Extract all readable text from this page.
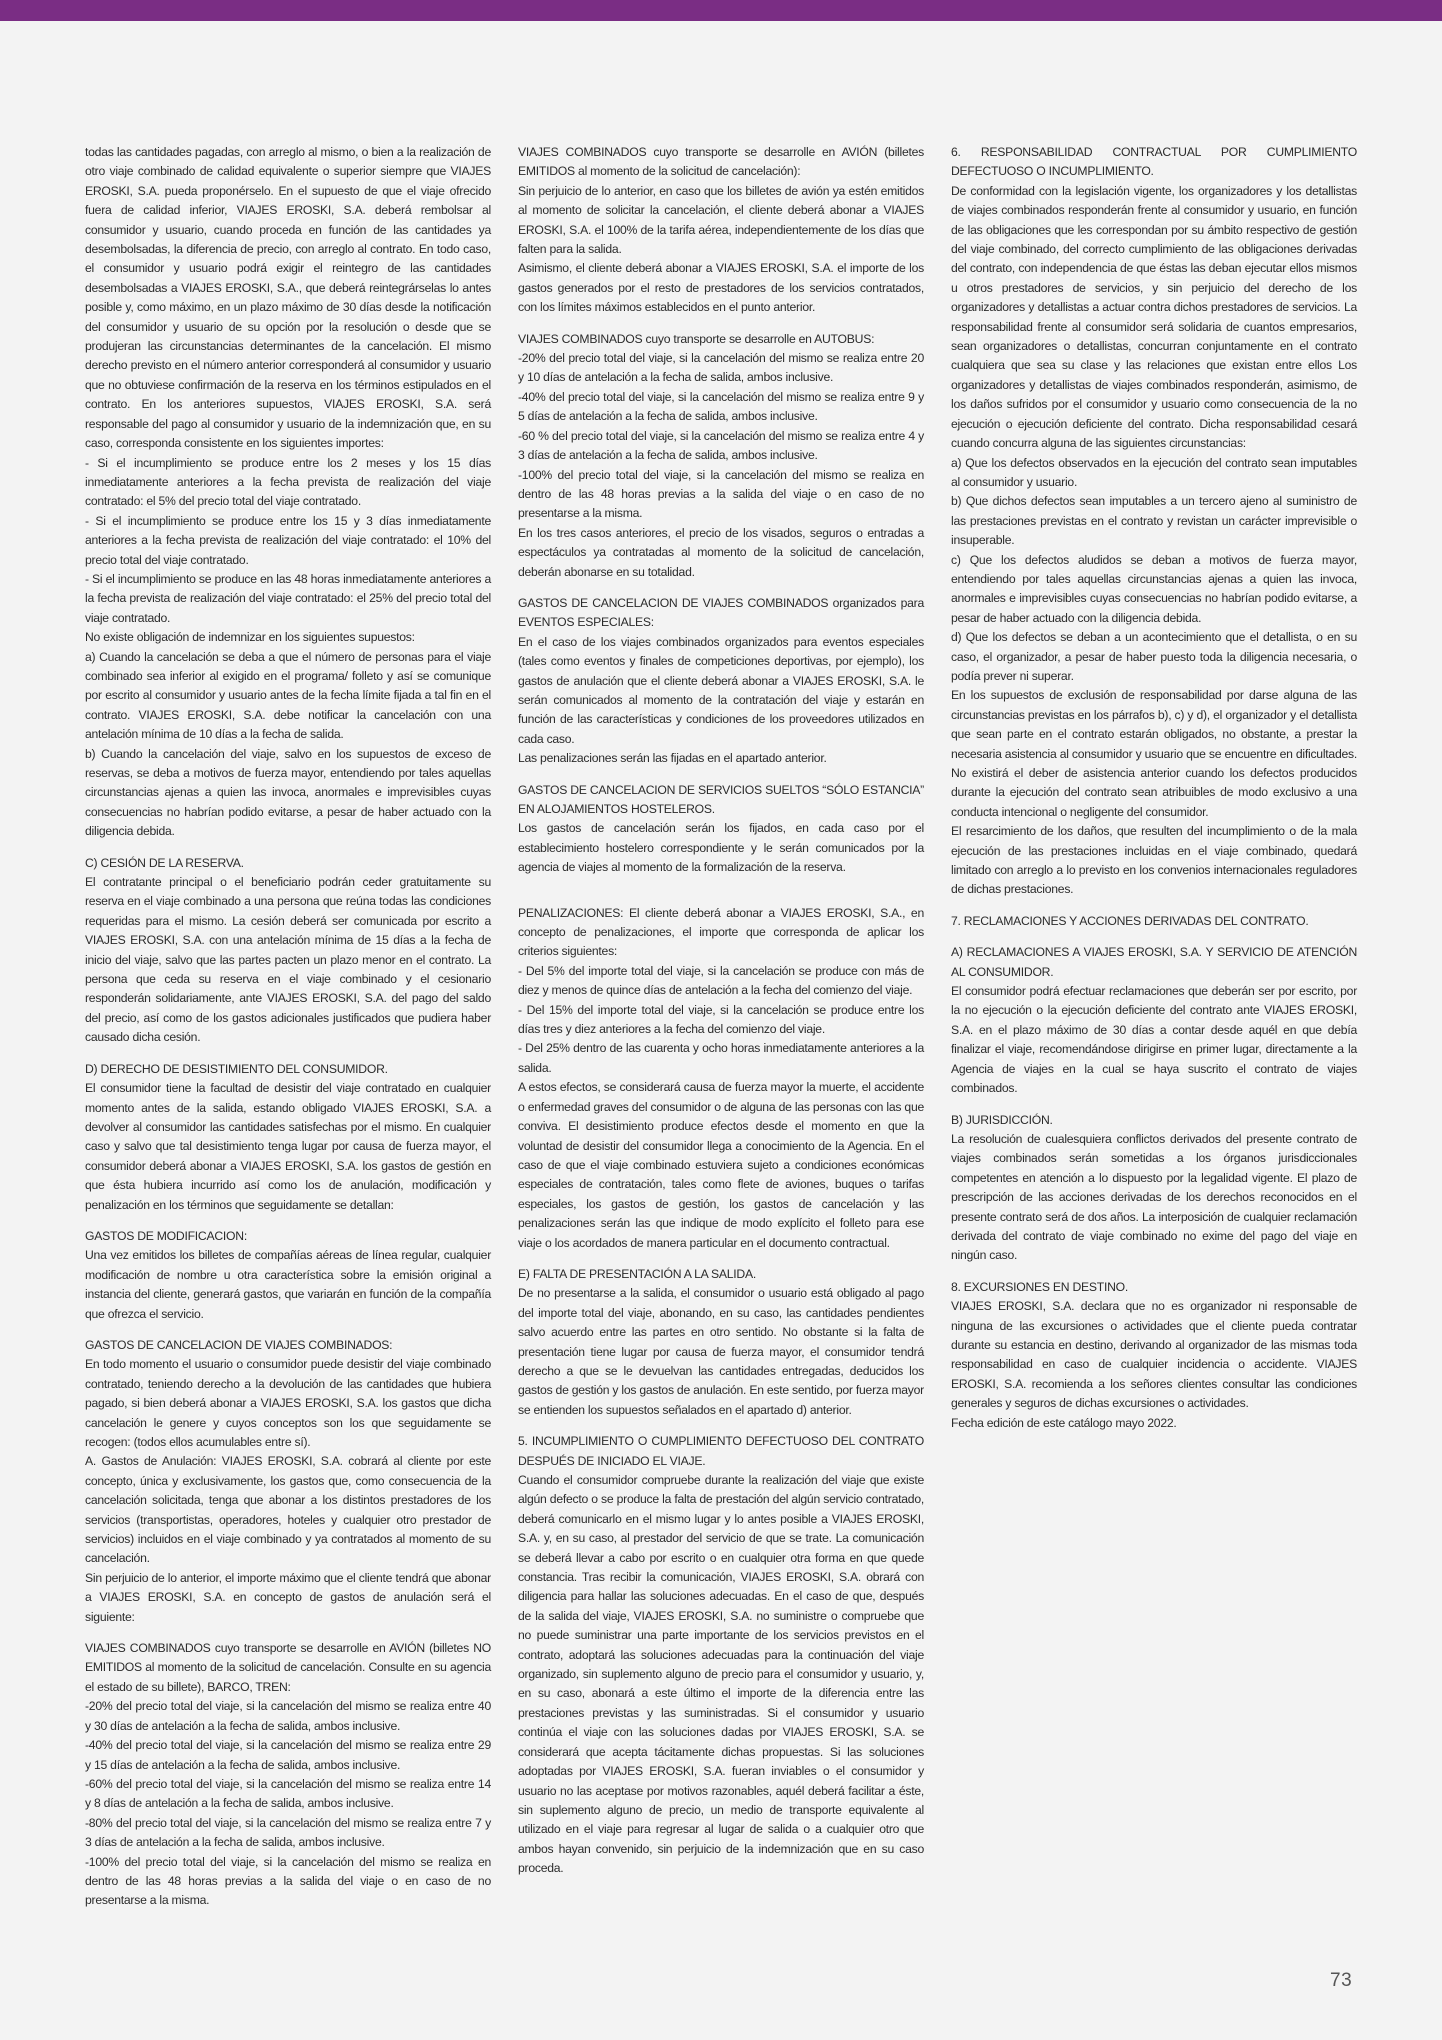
todas las cantidades pagadas, con arreglo al mismo, o bien a la realización de otro viaje combinado de calidad equivalente o superior siempre que VIAJES EROSKI, S.A. pueda proponérselo. En el supuesto de que el viaje ofrecido fuera de calidad inferior, VIAJES EROSKI, S.A. deberá rembolsar al consumidor y usuario, cuando proceda en función de las cantidades ya desembolsadas, la diferencia de precio, con arreglo al contrato. En todo caso, el consumidor y usuario podrá exigir el reintegro de las cantidades desembolsadas a VIAJES EROSKI, S.A., que deberá reintegrárselas lo antes posible y, como máximo, en un plazo máximo de 30 días desde la notificación del consumidor y usuario de su opción por la resolución o desde que se produjeran las circunstancias determinantes de la cancelación. El mismo derecho previsto en el número anterior corresponderá al consumidor y usuario que no obtuviese confirmación de la reserva en los términos estipulados en el contrato. En los anteriores supuestos, VIAJES EROSKI, S.A. será responsable del pago al consumidor y usuario de la indemnización que, en su caso, corresponda consistente en los siguientes importes:

- Si el incumplimiento se produce entre los 2 meses y los 15 días inmediatamente anteriores a la fecha prevista de realización del viaje contratado: el 5% del precio total del viaje contratado.

- Si el incumplimiento se produce entre los 15 y 3 días inmediatamente anteriores a la fecha prevista de realización del viaje contratado: el 10% del precio total del viaje contratado.

- Si el incumplimiento se produce en las 48 horas inmediatamente anteriores a la fecha prevista de realización del viaje contratado: el 25% del precio total del viaje contratado.

No existe obligación de indemnizar en los siguientes supuestos:

a) Cuando la cancelación se deba a que el número de personas para el viaje combinado sea inferior al exigido en el programa/ folleto y así se comunique por escrito al consumidor y usuario antes de la fecha límite fijada a tal fin en el contrato. VIAJES EROSKI, S.A. debe notificar la cancelación con una antelación mínima de 10 días a la fecha de salida.

b) Cuando la cancelación del viaje, salvo en los supuestos de exceso de reservas, se deba a motivos de fuerza mayor, entendiendo por tales aquellas circunstancias ajenas a quien las invoca, anormales e imprevisibles cuyas consecuencias no habrían podido evitarse, a pesar de haber actuado con la diligencia debida.

C) CESIÓN DE LA RESERVA.

El contratante principal o el beneficiario podrán ceder gratuitamente su reserva en el viaje combinado a una persona que reúna todas las condiciones requeridas para el mismo. La cesión deberá ser comunicada por escrito a VIAJES EROSKI, S.A. con una antelación mínima de 15 días a la fecha de inicio del viaje, salvo que las partes pacten un plazo menor en el contrato. La persona que ceda su reserva en el viaje combinado y el cesionario responderán solidariamente, ante VIAJES EROSKI, S.A. del pago del saldo del precio, así como de los gastos adicionales justificados que pudiera haber causado dicha cesión.

D) DERECHO DE DESISTIMIENTO DEL CONSUMIDOR.

El consumidor tiene la facultad de desistir del viaje contratado en cualquier momento antes de la salida, estando obligado VIAJES EROSKI, S.A. a devolver al consumidor las cantidades satisfechas por el mismo. En cualquier caso y salvo que tal desistimiento tenga lugar por causa de fuerza mayor, el consumidor deberá abonar a VIAJES EROSKI, S.A. los gastos de gestión en que ésta hubiera incurrido así como los de anulación, modificación y penalización en los términos que seguidamente se detallan:

GASTOS DE MODIFICACION:

Una vez emitidos los billetes de compañías aéreas de línea regular, cualquier modificación de nombre u otra característica sobre la emisión original a instancia del cliente, generará gastos, que variarán en función de la compañía que ofrezca el servicio.

GASTOS DE CANCELACION DE VIAJES COMBINADOS:

En todo momento el usuario o consumidor puede desistir del viaje combinado contratado, teniendo derecho a la devolución de las cantidades que hubiera pagado, si bien deberá abonar a VIAJES EROSKI, S.A. los gastos que dicha cancelación le genere y cuyos conceptos son los que seguidamente se recogen: (todos ellos acumulables entre sí).

A. Gastos de Anulación: VIAJES EROSKI, S.A. cobrará al cliente por este concepto, única y exclusivamente, los gastos que, como consecuencia de la cancelación solicitada, tenga que abonar a los distintos prestadores de los servicios (transportistas, operadores, hoteles y cualquier otro prestador de servicios) incluidos en el viaje combinado y ya contratados al momento de su cancelación.

Sin perjuicio de lo anterior, el importe máximo que el cliente tendrá que abonar a VIAJES EROSKI, S.A. en concepto de gastos de anulación será el siguiente:

VIAJES COMBINADOS cuyo transporte se desarrolle en AVIÓN (billetes NO EMITIDOS al momento de la solicitud de cancelación. Consulte en su agencia el estado de su billete), BARCO, TREN:

-20% del precio total del viaje, si la cancelación del mismo se realiza entre 40 y 30 días de antelación a la fecha de salida, ambos inclusive.

-40% del precio total del viaje, si la cancelación del mismo se realiza entre 29 y 15 días de antelación a la fecha de salida, ambos inclusive.

-60% del precio total del viaje, si la cancelación del mismo se realiza entre 14 y 8 días de antelación a la fecha de salida, ambos inclusive.

-80% del precio total del viaje, si la cancelación del mismo se realiza entre 7 y 3 días de antelación a la fecha de salida, ambos inclusive.

-100% del precio total del viaje, si la cancelación del mismo se realiza en dentro de las 48 horas previas a la salida del viaje o en caso de no presentarse a la misma.

VIAJES COMBINADOS cuyo transporte se desarrolle en AVIÓN (billetes EMITIDOS al momento de la solicitud de cancelación):

Sin perjuicio de lo anterior, en caso que los billetes de avión ya estén emitidos al momento de solicitar la cancelación, el cliente deberá abonar a VIAJES EROSKI, S.A. el 100% de la tarifa aérea, independientemente de los días que falten para la salida.

Asimismo, el cliente deberá abonar a VIAJES EROSKI, S.A. el importe de los gastos generados por el resto de prestadores de los servicios contratados, con los límites máximos establecidos en el punto anterior.

VIAJES COMBINADOS cuyo transporte se desarrolle en AUTOBUS:

-20% del precio total del viaje, si la cancelación del mismo se realiza entre 20 y 10 días de antelación a la fecha de salida, ambos inclusive.

-40% del precio total del viaje, si la cancelación del mismo se realiza entre 9 y 5 días de antelación a la fecha de salida, ambos inclusive.

-60 % del precio total del viaje, si la cancelación del mismo se realiza entre 4 y 3 días de antelación a la fecha de salida, ambos inclusive.

-100% del precio total del viaje, si la cancelación del mismo se realiza en dentro de las 48 horas previas a la salida del viaje o en caso de no presentarse a la misma.

En los tres casos anteriores, el precio de los visados, seguros o entradas a espectáculos ya contratadas al momento de la solicitud de cancelación, deberán abonarse en su totalidad.

GASTOS DE CANCELACION DE VIAJES COMBINADOS organizados para EVENTOS ESPECIALES:

En el caso de los viajes combinados organizados para eventos especiales (tales como eventos y finales de competiciones deportivas, por ejemplo), los gastos de anulación que el cliente deberá abonar a VIAJES EROSKI, S.A. le serán comunicados al momento de la contratación del viaje y estarán en función de las características y condiciones de los proveedores utilizados en cada caso.

Las penalizaciones serán las fijadas en el apartado anterior.

GASTOS DE CANCELACION DE SERVICIOS SUELTOS “SÓLO ESTANCIA” EN ALOJAMIENTOS HOSTELEROS.

Los gastos de cancelación serán los fijados, en cada caso por el establecimiento hostelero correspondiente y le serán comunicados por la agencia de viajes al momento de la formalización de la reserva.

PENALIZACIONES: El cliente deberá abonar a VIAJES EROSKI, S.A., en concepto de penalizaciones, el importe que corresponda de aplicar los criterios siguientes:

- Del 5% del importe total del viaje, si la cancelación se produce con más de diez y menos de quince días de antelación a la fecha del comienzo del viaje.

- Del 15% del importe total del viaje, si la cancelación se produce entre los días tres y diez anteriores a la fecha del comienzo del viaje.

- Del 25% dentro de las cuarenta y ocho horas inmediatamente anteriores a la salida.

A estos efectos, se considerará causa de fuerza mayor la muerte, el accidente o enfermedad graves del consumidor o de alguna de las personas con las que conviva. El desistimiento produce efectos desde el momento en que la voluntad de desistir del consumidor llega a conocimiento de la Agencia. En el caso de que el viaje combinado estuviera sujeto a condiciones económicas especiales de contratación, tales como flete de aviones, buques o tarifas especiales, los gastos de gestión, los gastos de cancelación y las penalizaciones serán las que indique de modo explícito el folleto para ese viaje o los acordados de manera particular en el documento contractual.

E) FALTA DE PRESENTACIÓN A LA SALIDA.

De no presentarse a la salida, el consumidor o usuario está obligado al pago del importe total del viaje, abonando, en su caso, las cantidades pendientes salvo acuerdo entre las partes en otro sentido. No obstante si la falta de presentación tiene lugar por causa de fuerza mayor, el consumidor tendrá derecho a que se le devuelvan las cantidades entregadas, deducidos los gastos de gestión y los gastos de anulación. En este sentido, por fuerza mayor se entienden los supuestos señalados en el apartado d) anterior.

5. INCUMPLIMIENTO O CUMPLIMIENTO DEFECTUOSO DEL CONTRATO DESPUÉS DE INICIADO EL VIAJE.

Cuando el consumidor compruebe durante la realización del viaje que existe algún defecto o se produce la falta de prestación del algún servicio contratado, deberá comunicarlo en el mismo lugar y lo antes posible a VIAJES EROSKI, S.A. y, en su caso, al prestador del servicio de que se trate. La comunicación se deberá llevar a cabo por escrito o en cualquier otra forma en que quede constancia. Tras recibir la comunicación, VIAJES EROSKI, S.A. obrará con diligencia para hallar las soluciones adecuadas. En el caso de que, después de la salida del viaje, VIAJES EROSKI, S.A. no suministre o compruebe que no puede suministrar una parte importante de los servicios previstos en el contrato, adoptará las soluciones adecuadas para la continuación del viaje organizado, sin suplemento alguno de precio para el consumidor y usuario, y, en su caso, abonará a este último el importe de la diferencia entre las prestaciones previstas y las suministradas. Si el consumidor y usuario continúa el viaje con las soluciones dadas por VIAJES EROSKI, S.A. se considerará que acepta tácitamente dichas propuestas. Si las soluciones adoptadas por VIAJES EROSKI, S.A. fueran inviables o el consumidor y usuario no las aceptase por motivos razonables, aquél deberá facilitar a éste, sin suplemento alguno de precio, un medio de transporte equivalente al utilizado en el viaje para regresar al lugar de salida o a cualquier otro que ambos hayan convenido, sin perjuicio de la indemnización que en su caso proceda.

6. RESPONSABILIDAD CONTRACTUAL POR CUMPLIMIENTO DEFECTUOSO O INCUMPLIMIENTO.

De conformidad con la legislación vigente, los organizadores y los detallistas de viajes combinados responderán frente al consumidor y usuario, en función de las obligaciones que les correspondan por su ámbito respectivo de gestión del viaje combinado, del correcto cumplimiento de las obligaciones derivadas del contrato, con independencia de que éstas las deban ejecutar ellos mismos u otros prestadores de servicios, y sin perjuicio del derecho de los organizadores y detallistas a actuar contra dichos prestadores de servicios. La responsabilidad frente al consumidor será solidaria de cuantos empresarios, sean organizadores o detallistas, concurran conjuntamente en el contrato cualquiera que sea su clase y las relaciones que existan entre ellos Los organizadores y detallistas de viajes combinados responderán, asimismo, de los daños sufridos por el consumidor y usuario como consecuencia de la no ejecución o ejecución deficiente del contrato. Dicha responsabilidad cesará cuando concurra alguna de las siguientes circunstancias:

a) Que los defectos observados en la ejecución del contrato sean imputables al consumidor y usuario.

b) Que dichos defectos sean imputables a un tercero ajeno al suministro de las prestaciones previstas en el contrato y revistan un carácter imprevisible o insuperable.

c) Que los defectos aludidos se deban a motivos de fuerza mayor, entendiendo por tales aquellas circunstancias ajenas a quien las invoca, anormales e imprevisibles cuyas consecuencias no habrían podido evitarse, a pesar de haber actuado con la diligencia debida.

d) Que los defectos se deban a un acontecimiento que el detallista, o en su caso, el organizador, a pesar de haber puesto toda la diligencia necesaria, o podía prever ni superar.

En los supuestos de exclusión de responsabilidad por darse alguna de las circunstancias previstas en los párrafos b), c) y d), el organizador y el detallista que sean parte en el contrato estarán obligados, no obstante, a prestar la necesaria asistencia al consumidor y usuario que se encuentre en dificultades. No existirá el deber de asistencia anterior cuando los defectos producidos durante la ejecución del contrato sean atribuibles de modo exclusivo a una conducta intencional o negligente del consumidor.

El resarcimiento de los daños, que resulten del incumplimiento o de la mala ejecución de las prestaciones incluidas en el viaje combinado, quedará limitado con arreglo a lo previsto en los convenios internacionales reguladores de dichas prestaciones.

7. RECLAMACIONES Y ACCIONES DERIVADAS DEL CONTRATO.

A) RECLAMACIONES A VIAJES EROSKI, S.A. Y SERVICIO DE ATENCIÓN AL CONSUMIDOR.

El consumidor podrá efectuar reclamaciones que deberán ser por escrito, por la no ejecución o la ejecución deficiente del contrato ante VIAJES EROSKI, S.A. en el plazo máximo de 30 días a contar desde aquél en que debía finalizar el viaje, recomendándose dirigirse en primer lugar, directamente a la Agencia de viajes en la cual se haya suscrito el contrato de viajes combinados.

B) JURISDICCIÓN.

La resolución de cualesquiera conflictos derivados del presente contrato de viajes combinados serán sometidas a los órganos jurisdiccionales competentes en atención a lo dispuesto por la legalidad vigente. El plazo de prescripción de las acciones derivadas de los derechos reconocidos en el presente contrato será de dos años. La interposición de cualquier reclamación derivada del contrato de viaje combinado no exime del pago del viaje en ningún caso.

8. EXCURSIONES EN DESTINO.

VIAJES EROSKI, S.A. declara que no es organizador ni responsable de ninguna de las excursiones o actividades que el cliente pueda contratar durante su estancia en destino, derivando al organizador de las mismas toda responsabilidad en caso de cualquier incidencia o accidente. VIAJES EROSKI, S.A. recomienda a los señores clientes consultar las condiciones generales y seguros de dichas excursiones o actividades.

Fecha edición de este catálogo mayo 2022.

73
